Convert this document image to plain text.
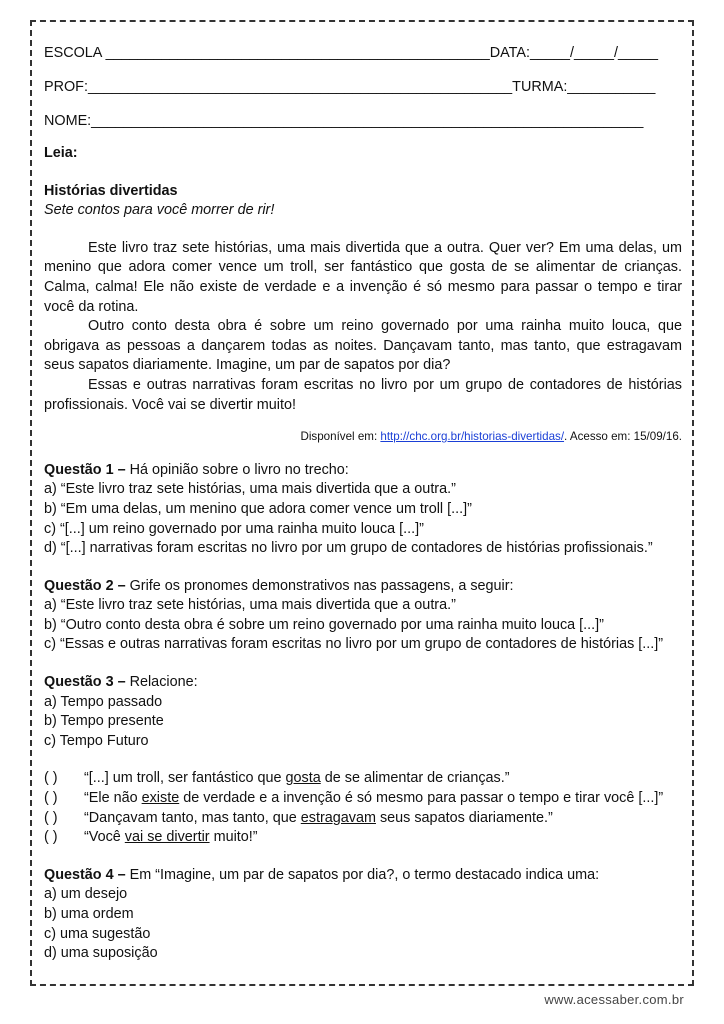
ESCOLA ________________________________________________DATA:_____/_____/_____
PROF:_____________________________________________________TURMA:___________
NOME:_____________________________________________________________________
Leia:
Histórias divertidas
Sete contos para você morrer de rir!

Este livro traz sete histórias, uma mais divertida que a outra. Quer ver? Em uma delas, um menino que adora comer vence um troll, ser fantástico que gosta de se alimentar de crianças. Calma, calma! Ele não existe de verdade e a invenção é só mesmo para passar o tempo e tirar você da rotina.

Outro conto desta obra é sobre um reino governado por uma rainha muito louca, que obrigava as pessoas a dançarem todas as noites. Dançavam tanto, mas tanto, que estragavam seus sapatos diariamente. Imagine, um par de sapatos por dia?

Essas e outras narrativas foram escritas no livro por um grupo de contadores de histórias profissionais. Você vai se divertir muito!

Disponível em: http://chc.org.br/historias-divertidas/. Acesso em: 15/09/16.
Questão 1 – Há opinião sobre o livro no trecho:
a) “Este livro traz sete histórias, uma mais divertida que a outra.”
b) “Em uma delas, um menino que adora comer vence um troll [...]”
c) “[...] um reino governado por uma rainha muito louca [...]”
d) “[...] narrativas foram escritas no livro por um grupo de contadores de histórias profissionais.”
Questão 2 – Grife os pronomes demonstrativos nas passagens, a seguir:
a) “Este livro traz sete histórias, uma mais divertida que a outra.”
b) “Outro conto desta obra é sobre um reino governado por uma rainha muito louca [...]”
c) “Essas e outras narrativas foram escritas no livro por um grupo de contadores de histórias [...]”
Questão 3 – Relacione:
a) Tempo passado
b) Tempo presente
c) Tempo Futuro
( ) “[...] um troll, ser fantástico que gosta de se alimentar de crianças.”
( ) “Ele não existe de verdade e a invenção é só mesmo para passar o tempo e tirar você [...]”
( ) “Dançavam tanto, mas tanto, que estragavam seus sapatos diariamente.”
( ) “Você vai se divertir muito!”
Questão 4 – Em “Imagine, um par de sapatos por dia?, o termo destacado indica uma:
a) um desejo
b) uma ordem
c) uma sugestão
d) uma suposição
www.acessaber.com.br
